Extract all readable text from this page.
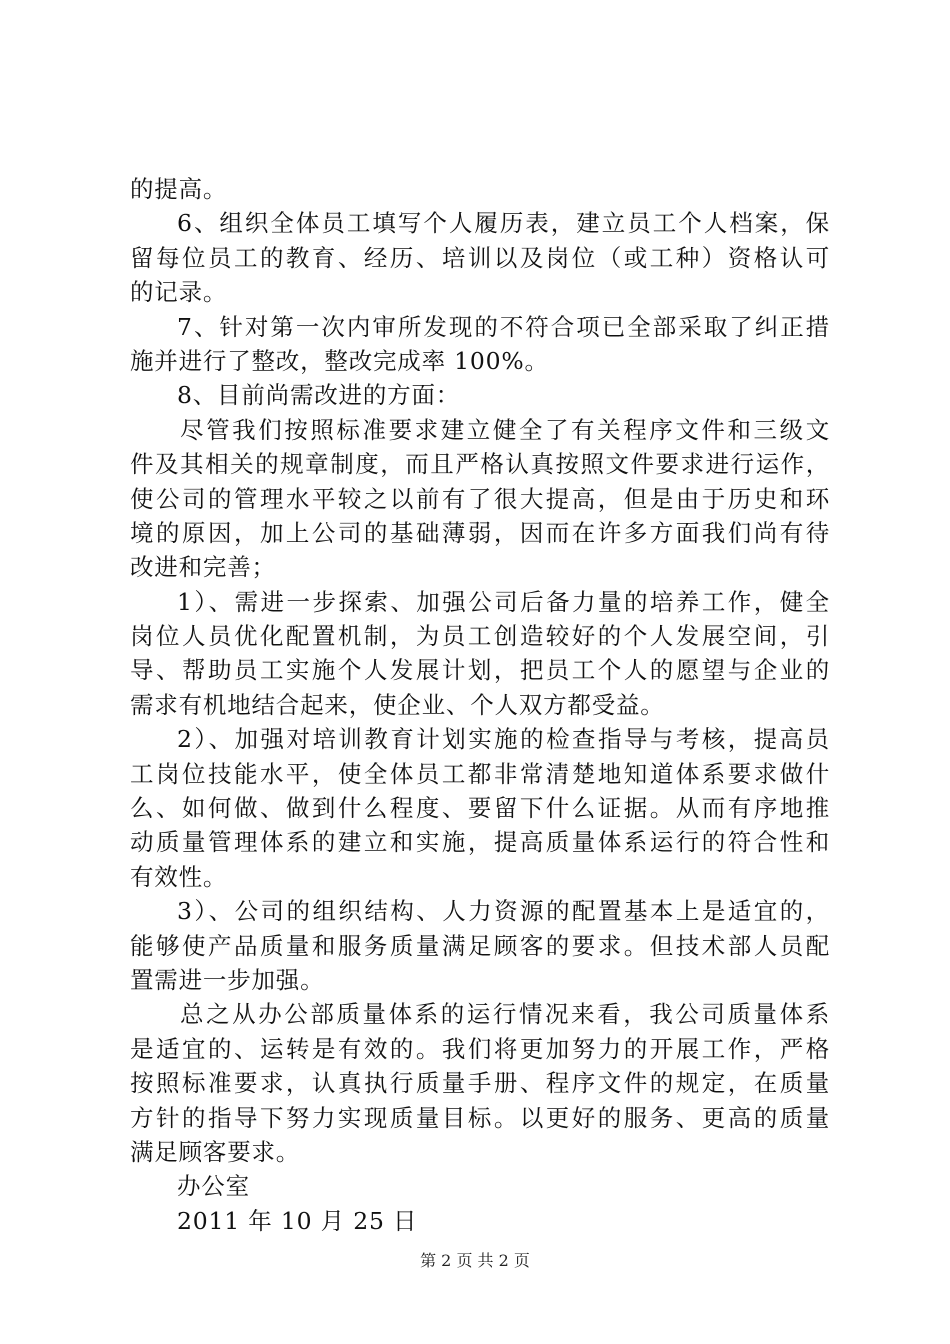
的提高。
6、组织全体员工填写个人履历表，建立员工个人档案，保
留每位员工的教育、经历、培训以及岗位（或工种）资格认可
的记录。
7、针对第一次内审所发现的不符合项已全部采取了纠正措
施并进行了整改，整改完成率 100%。
8、目前尚需改进的方面：
尽管我们按照标准要求建立健全了有关程序文件和三级文
件及其相关的规章制度，而且严格认真按照文件要求进行运作，
使公司的管理水平较之以前有了很大提高，但是由于历史和环
境的原因，加上公司的基础薄弱，因而在许多方面我们尚有待
改进和完善；
1）、需进一步探索、加强公司后备力量的培养工作，健全
岗位人员优化配置机制，为员工创造较好的个人发展空间，引
导、帮助员工实施个人发展计划，把员工个人的愿望与企业的
需求有机地结合起来，使企业、个人双方都受益。
2）、加强对培训教育计划实施的检查指导与考核，提高员
工岗位技能水平，使全体员工都非常清楚地知道体系要求做什
么、如何做、做到什么程度、要留下什么证据。从而有序地推
动质量管理体系的建立和实施，提高质量体系运行的符合性和
有效性。
3）、公司的组织结构、人力资源的配置基本上是适宜的，
能够使产品质量和服务质量满足顾客的要求。但技术部人员配
置需进一步加强。
总之从办公部质量体系的运行情况来看，我公司质量体系
是适宜的、运转是有效的。我们将更加努力的开展工作，严格
按照标准要求，认真执行质量手册、程序文件的规定，在质量
方针的指导下努力实现质量目标。以更好的服务、更高的质量
满足顾客要求。
办公室
2011 年 10 月 25 日
第 2 页 共 2 页
